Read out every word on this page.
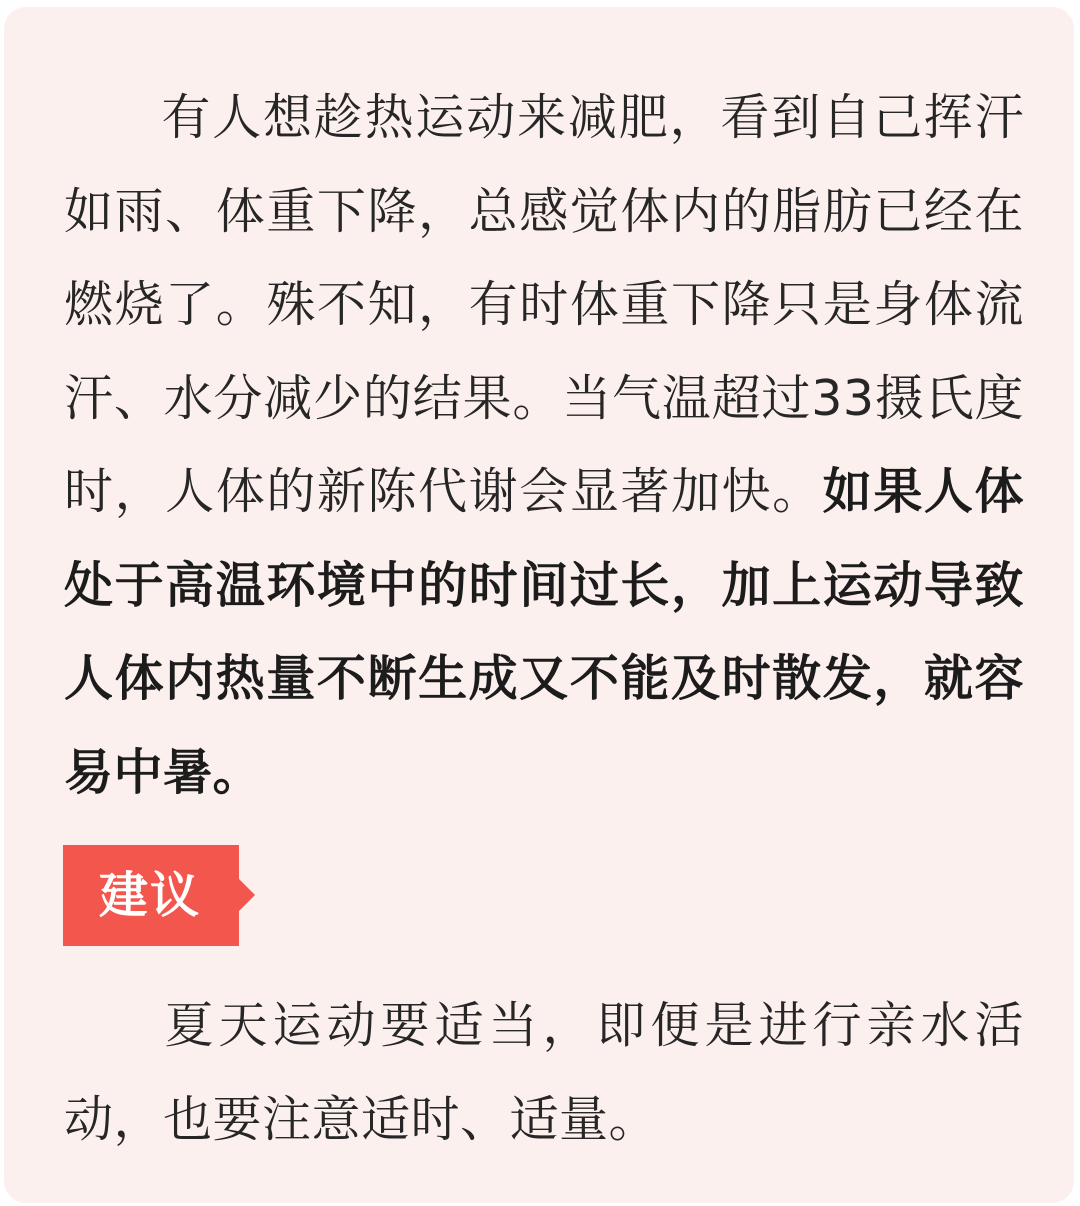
有人想趁热运动来减肥，看到自己挥汗如雨、体重下降，总感觉体内的脂肪已经在燃烧了。殊不知，有时体重下降只是身体流汗、水分减少的结果。当气温超过33摄氏度时，人体的新陈代谢会显著加快。如果人体处于高温环境中的时间过长，加上运动导致人体内热量不断生成又不能及时散发，就容易中暑。

建议

夏天运动要适当，即便是进行亲水活动，也要注意适时、适量。
